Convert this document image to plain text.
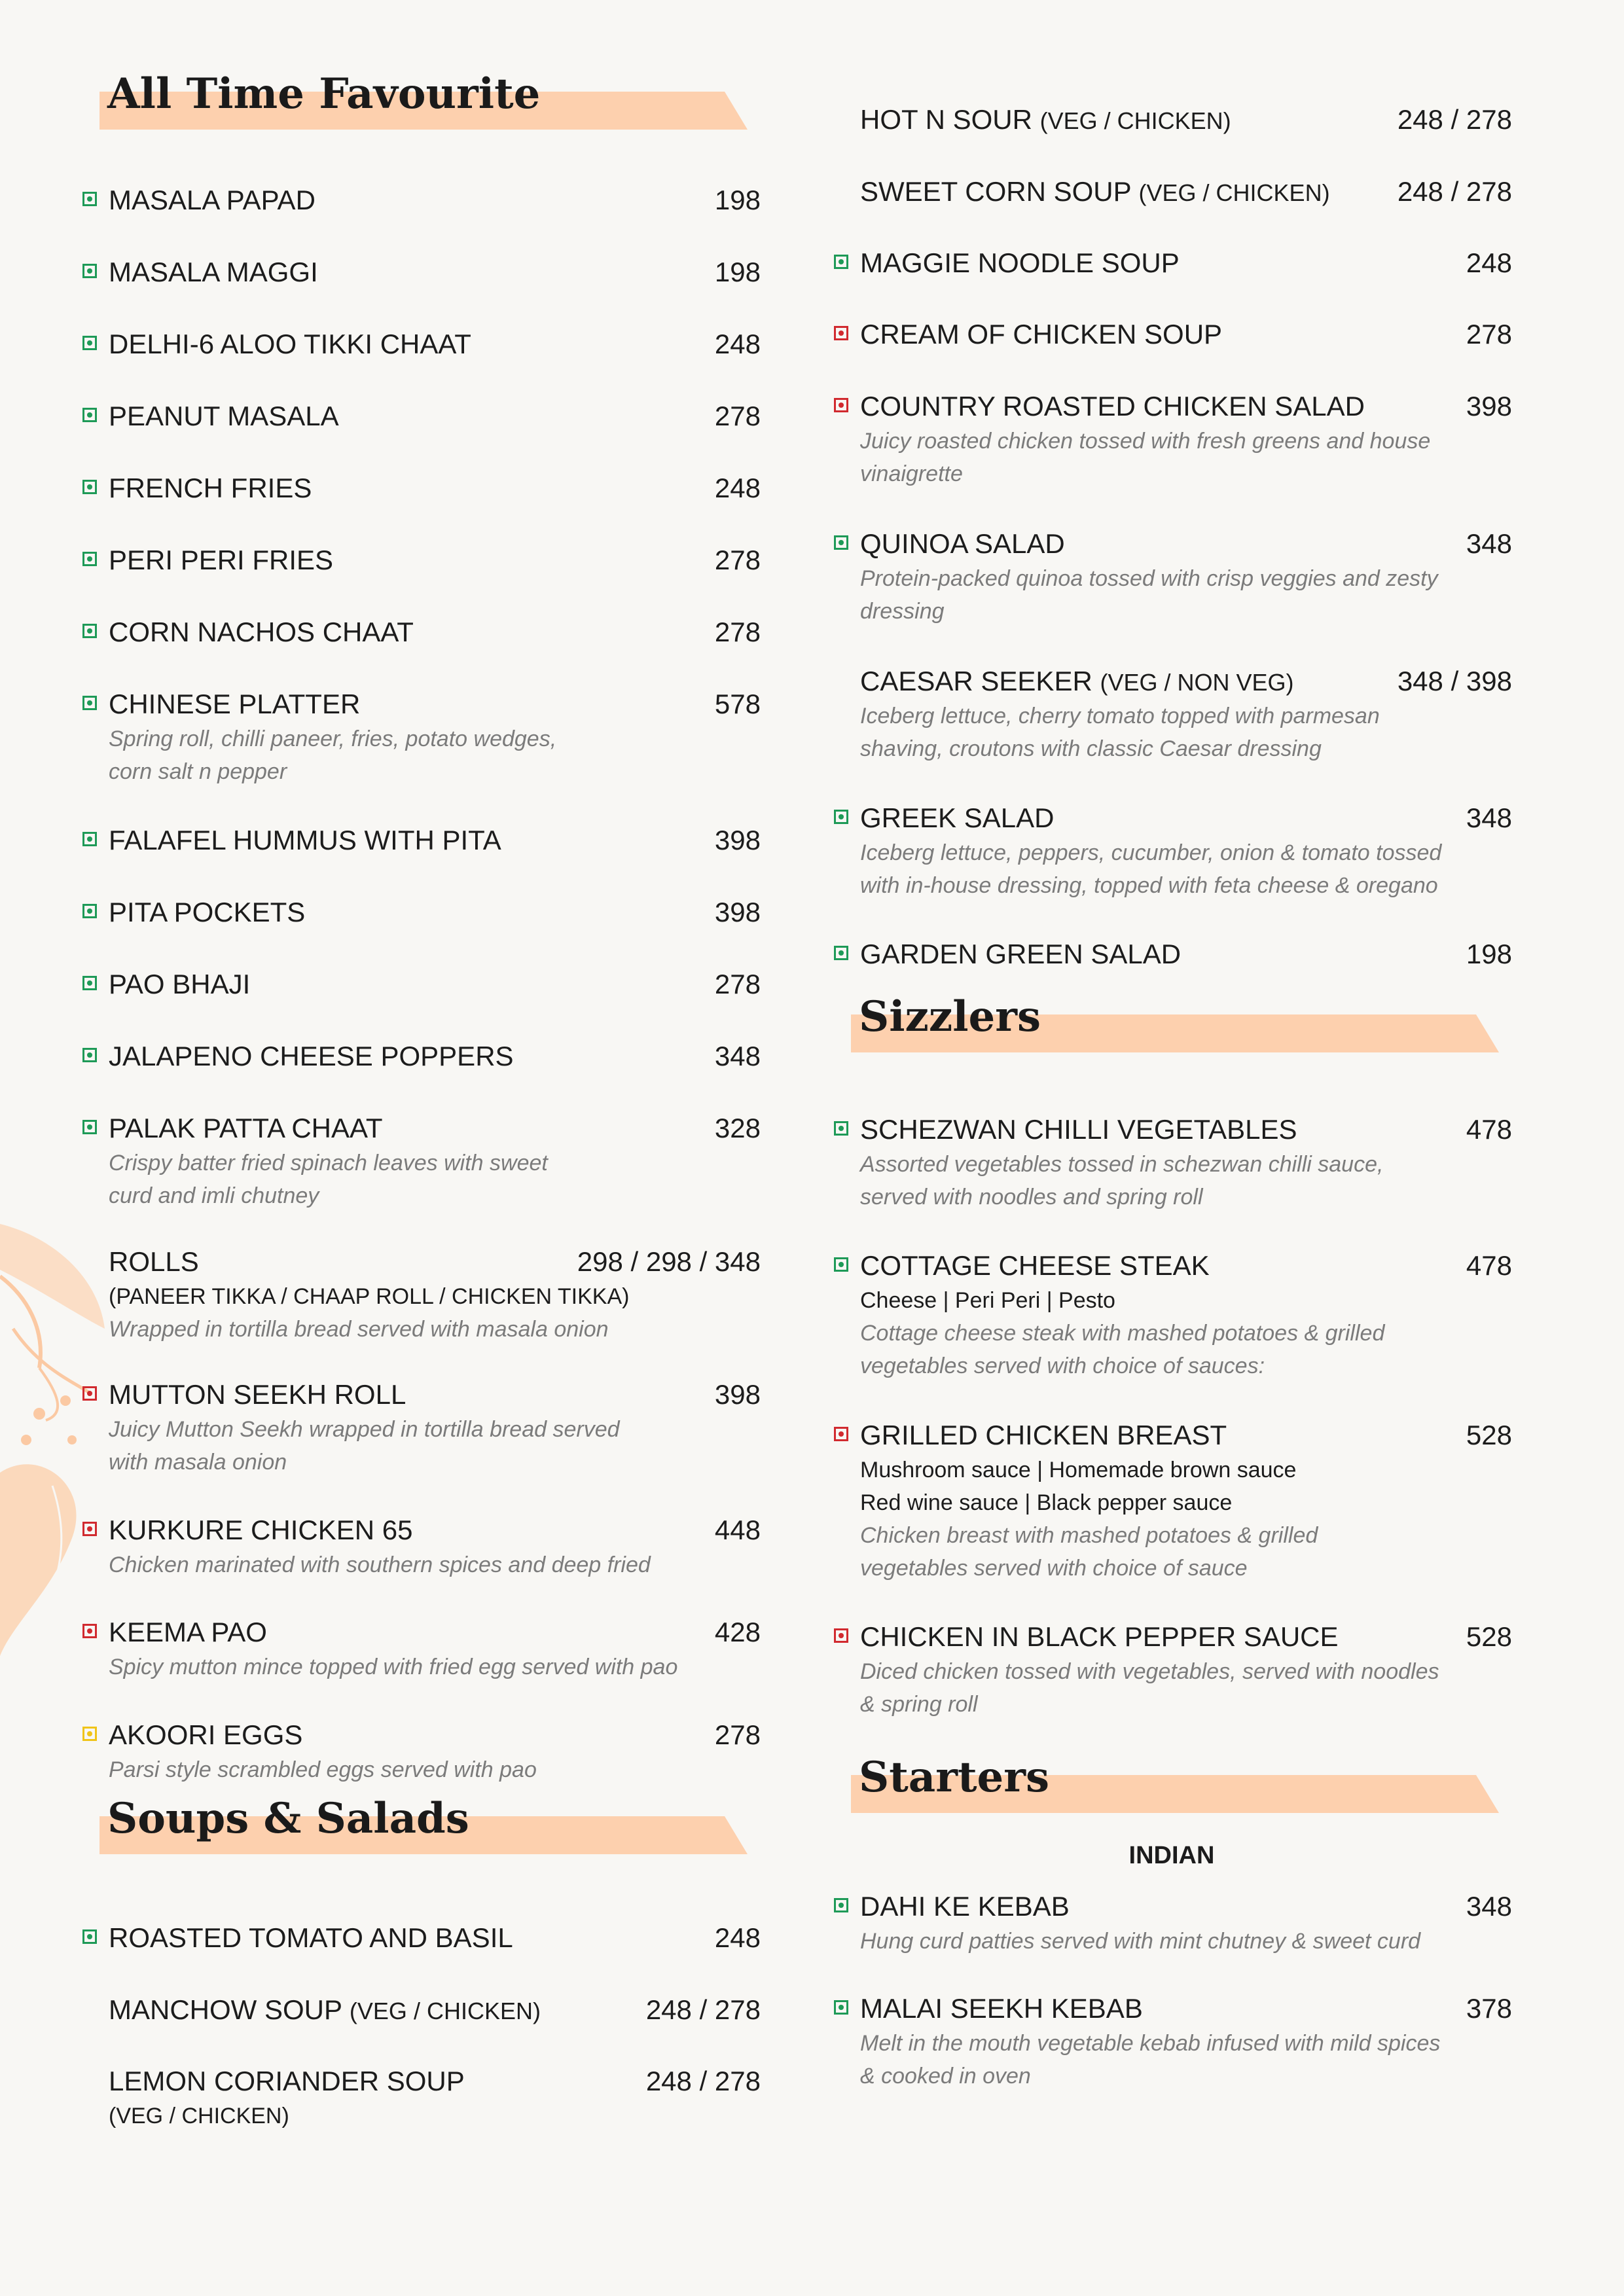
All Time Favourite
MASALA PAPAD	198
MASALA MAGGI	198
DELHI-6 ALOO TIKKI CHAAT	248
PEANUT MASALA	278
FRENCH FRIES	248
PERI PERI FRIES	278
CORN NACHOS CHAAT	278
CHINESE PLATTER	578
Spring roll, chilli paneer, fries, potato wedges,
corn salt n pepper
FALAFEL HUMMUS WITH PITA	398
PITA POCKETS	398
PAO BHAJI	278
JALAPENO CHEESE POPPERS	348
PALAK PATTA CHAAT	328
Crispy batter fried spinach leaves with sweet
curd and imli chutney
ROLLS	298 / 298 / 348
(PANEER TIKKA / CHAAP ROLL / CHICKEN TIKKA)
Wrapped in tortilla bread served with masala onion
MUTTON SEEKH ROLL	398
Juicy Mutton Seekh wrapped in tortilla bread served
with masala onion
KURKURE CHICKEN 65	448
Chicken marinated with southern spices and deep fried
KEEMA PAO	428
Spicy mutton mince topped with fried egg served with pao
AKOORI EGGS	278
Parsi style scrambled eggs served with pao
Soups & Salads
ROASTED TOMATO AND BASIL	248
MANCHOW SOUP (VEG / CHICKEN)	248 / 278
LEMON CORIANDER SOUP	248 / 278
(VEG / CHICKEN)
HOT N SOUR (VEG / CHICKEN)	248 / 278
SWEET CORN SOUP (VEG / CHICKEN) 248 / 278
MAGGIE NOODLE SOUP	248
CREAM OF CHICKEN SOUP	278
COUNTRY ROASTED CHICKEN SALAD	398
Juicy roasted chicken tossed with fresh greens and house
vinaigrette
QUINOA SALAD	348
Protein-packed quinoa tossed with crisp veggies and zesty
dressing
CAESAR SEEKER (VEG / NON VEG)	348 / 398
Iceberg lettuce, cherry tomato topped with parmesan
shaving, croutons with classic Caesar dressing
GREEK SALAD	348
Iceberg lettuce, peppers, cucumber, onion & tomato tossed
with in-house dressing, topped with feta cheese & oregano
GARDEN GREEN SALAD	198
Sizzlers
SCHEZWAN CHILLI VEGETABLES	478
Assorted vegetables tossed in schezwan chilli sauce,
served with noodles and spring roll
COTTAGE CHEESE STEAK	478
Cheese | Peri Peri | Pesto
Cottage cheese steak with mashed potatoes & grilled
vegetables served with choice of sauces:
GRILLED CHICKEN BREAST	528
Mushroom sauce | Homemade brown sauce
Red wine sauce | Black pepper sauce
Chicken breast with mashed potatoes & grilled
vegetables served with choice of sauce
CHICKEN IN BLACK PEPPER SAUCE	528
Diced chicken tossed with vegetables, served with noodles
& spring roll
Starters
INDIAN
DAHI KE KEBAB	348
Hung curd patties served with mint chutney & sweet curd
MALAI SEEKH KEBAB	378
Melt in the mouth vegetable kebab infused with mild spices
& cooked in oven
